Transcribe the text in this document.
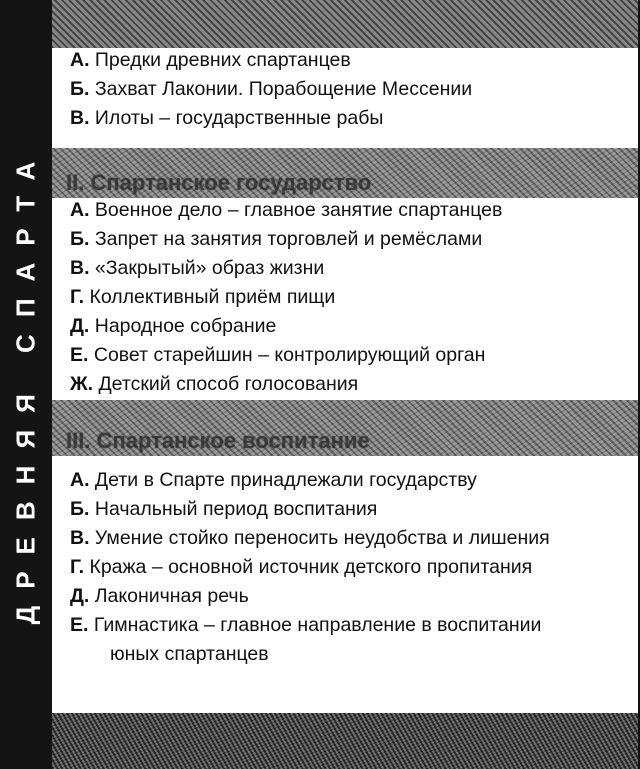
ДРЕВНЯЯ СПАРТА
А. Предки древних спартанцев
Б. Захват Лаконии. Порабощение Мессении
В. Илоты – государственные рабы
II. Спартанское государство
А. Военное дело – главное занятие спартанцев
Б. Запрет на занятия торговлей и ремёслами
В. «Закрытый» образ жизни
Г. Коллективный приём пищи
Д. Народное собрание
Е. Совет старейшин – контролирующий орган
Ж. Детский способ голосования
III. Спартанское воспитание
А. Дети в Спарте принадлежали государству
Б. Начальный период воспитания
В. Умение стойко переносить неудобства и лишения
Г. Кража – основной источник детского пропитания
Д. Лаконичная речь
Е. Гимнастика – главное направление в воспитании
юных спартанцев
